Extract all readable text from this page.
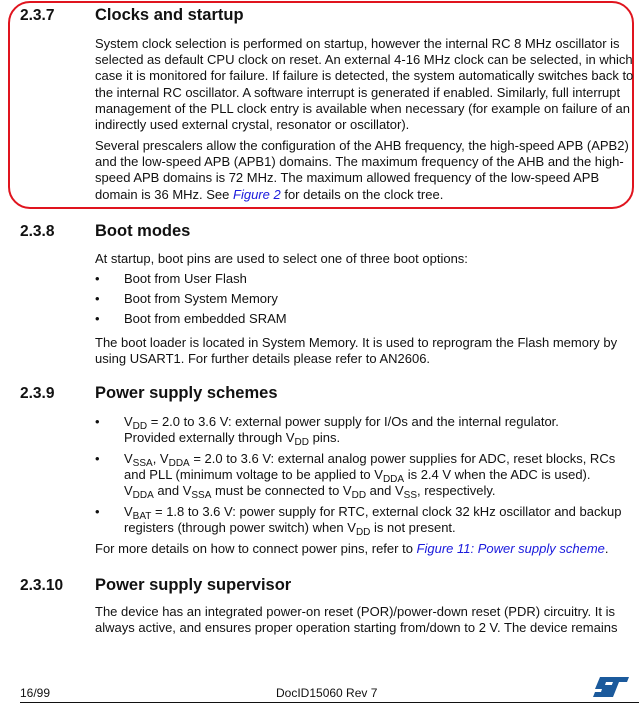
2.3.7 Clocks and startup
System clock selection is performed on startup, however the internal RC 8 MHz oscillator is selected as default CPU clock on reset. An external 4-16 MHz clock can be selected, in which case it is monitored for failure. If failure is detected, the system automatically switches back to the internal RC oscillator. A software interrupt is generated if enabled. Similarly, full interrupt management of the PLL clock entry is available when necessary (for example on failure of an indirectly used external crystal, resonator or oscillator).
Several prescalers allow the configuration of the AHB frequency, the high-speed APB (APB2) and the low-speed APB (APB1) domains. The maximum frequency of the AHB and the high-speed APB domains is 72 MHz. The maximum allowed frequency of the low-speed APB domain is 36 MHz. See Figure 2 for details on the clock tree.
2.3.8 Boot modes
At startup, boot pins are used to select one of three boot options:
• Boot from User Flash
• Boot from System Memory
• Boot from embedded SRAM
The boot loader is located in System Memory. It is used to reprogram the Flash memory by using USART1. For further details please refer to AN2606.
2.3.9 Power supply schemes
• $V_{DD} = 2.0$ to 3.6 V: external power supply for I/Os and the internal regulator.
Provided externally through $V_{DD}$ pins.
• $V_{SSA}$, $V_{DDA} = 2.0$ to 3.6 V: external analog power supplies for ADC, reset blocks, RCs and PLL (minimum voltage to be applied to $V_{DDA}$ is 2.4 V when the ADC is used).
$V_{DDA}$ and $V_{SSA}$ must be connected to $V_{DD}$ and $V_{SS}$, respectively.
• $V_{BAT} = 1.8$ to 3.6 V: power supply for RTC, external clock 32 kHz oscillator and backup registers (through power switch) when $V_{DD}$ is not present.
For more details on how to connect power pins, refer to Figure 11: Power supply scheme.
2.3.10 Power supply supervisor
The device has an integrated power-on reset (POR)/power-down reset (PDR) circuitry. It is always active, and ensures proper operation starting from/down to 2 V. The device remains
16/99	DocID15060 Rev 7
